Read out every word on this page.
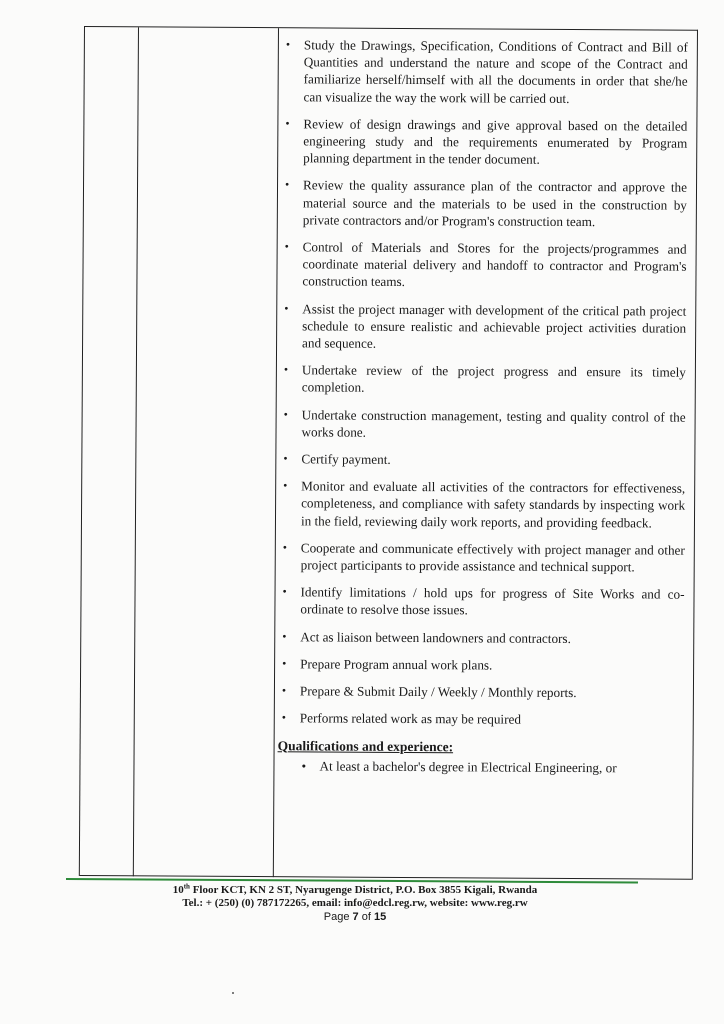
• Study the Drawings, Specification, Conditions of Contract and Bill of Quantities and understand the nature and scope of the Contract and familiarize herself/himself with all the documents in order that she/he can visualize the way the work will be carried out.
• Review of design drawings and give approval based on the detailed engineering study and the requirements enumerated by Program planning department in the tender document.
• Review the quality assurance plan of the contractor and approve the material source and the materials to be used in the construction by private contractors and/or Program's construction team.
• Control of Materials and Stores for the projects/programmes and coordinate material delivery and handoff to contractor and Program's construction teams.
• Assist the project manager with development of the critical path project schedule to ensure realistic and achievable project activities duration and sequence.
• Undertake review of the project progress and ensure its timely completion.
• Undertake construction management, testing and quality control of the works done.
• Certify payment.
• Monitor and evaluate all activities of the contractors for effectiveness, completeness, and compliance with safety standards by inspecting work in the field, reviewing daily work reports, and providing feedback.
• Cooperate and communicate effectively with project manager and other project participants to provide assistance and technical support.
• Identify limitations / hold ups for progress of Site Works and co-ordinate to resolve those issues.
• Act as liaison between landowners and contractors.
• Prepare Program annual work plans.
• Prepare & Submit Daily / Weekly / Monthly reports.
• Performs related work as may be required
Qualifications and experience:
• At least a bachelor's degree in Electrical Engineering, or
10th Floor KCT, KN 2 ST, Nyarugenge District, P.O. Box 3855 Kigali, Rwanda
Tel.: + (250) (0) 787172265, email: info@edcl.reg.rw, website: www.reg.rw
Page 7 of 15
